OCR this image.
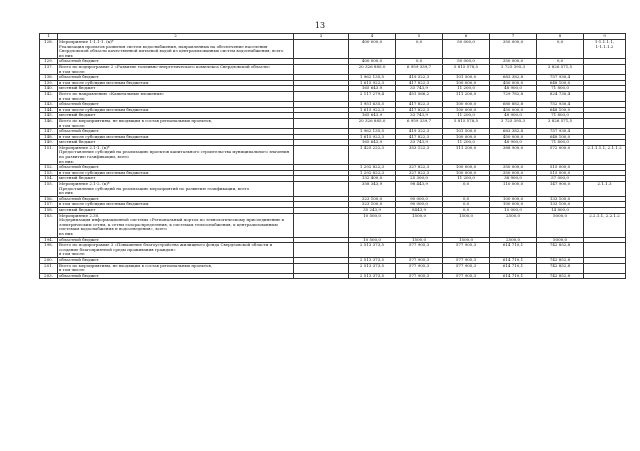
13
1	2	3	4	5	6	7	8	9
128.	Мероприятие 1-1.1-1. (к)*
Реализация проектов развития систем водоснабжения, направленных на обеспечение населения Свердловской области качественной питьевой водой из централизованных систем водоснабжения, всего
из них		400 000,0	0,0	50 000,0	350 000,0	0,0	1-1.1.1.1,
1-1.1.1.2
129.	областной бюджет		400 000,0	0,0	50 000,0	350 000,0	0,0	
137.	Всего по подпрограмме 2 «Развитие топливно-энергетического комплекса Свердловской области»
в том числе:		20 326 885,0	6 959 339,7	5 815 578,5	3 725 395,3	3 826 571,5	
138.	областной бюджет		1 962 135,5	419 322,3	101 500,0	683 382,8	757 930,4	
139.	в том числе субсидии местным бюджетам		1 615 922,3	417 822,3	100 000,0	450 000,0	648 100,0	
140.	местный бюджет		165 643,9	33 743,9	11 200,0	48 900,0	71 800,0	
142.	Всего по направлению «Капитальные вложения»
в том числе:		2 117 279,4	451 566,2	111 200,0	729 782,8	824 730,4	
143.	областной бюджет		1 951 635,5	417 822,3	100 000,0	680 882,8	752 930,4	
144.	в том числе субсидии местным бюджетам		1 615 922,3	417 822,3	100 000,0	450 000,0	648 100,0	
145.	местный бюджет		165 643,9	33 743,9	11 200,0	48 900,0	71 800,0	
146.	Всего по мероприятиям, не входящим в состав региональных проектов,
в том числе:		20 326 885,0	6 959 339,7	5 815 578,5	3 725 395,3	3 826 571,5	
147.	областной бюджет		1 962 135,5	419 322,3	101 500,0	683 382,8	757 930,4	
148.	в том числе субсидии местным бюджетам		1 615 922,3	417 822,3	100 000,0	450 000,0	648 100,0	
149.	местный бюджет		165 643,9	33 743,9	11 200,0	48 900,0	71 800,0	
151.	Мероприятие 2.1-1. (к)*
Предоставление субсидий на реализацию проектов капитального строительства муниципального значения по развитию газификации, всего
из них:		1 425 222,3	353 122,3	111 200,0	388 900,0	572 000,0	2.1.1.1.1, 2.1.1.2
152.	областной бюджет		1 292 822,3	327 822,3	100 000,0	350 000,0	515 000,0	
153.	в том числе субсидии местным бюджетам		1 292 822,3	327 822,3	100 000,0	350 000,0	515 000,0	
154.	местный бюджет		132 400,0	25 300,0	11 200,0	38 900,0	57 000,0	
155.	Мероприятие 2.1-2. (к)*
Предоставление субсидий на реализацию мероприятий по развитию газификации, всего
из них		358 343,9	98 443,9	0,0	110 000,0	147 900,0	2.1.1.3
156.	областной бюджет		323 100,0	90 000,0	0,0	100 000,0	133 100,0	
157.	в том числе субсидии местным бюджетам		323 100,0	90 000,0	0,0	100 000,0	133 100,0	
158.	местный бюджет		35 243,9	8443,9	0,0	10 000,0	14 800,0	
183.	Мероприятие 2.30.
Модернизация информационной системы «Региональный портал по технологическому присоединению к электрическим сетям, к сетям газораспределения, к системам теплоснабжения, к централизованным системам водоснабжения и водоотведения», всего
из них		10 500,0	1500,0	1500,0	2500,0	5000,0	2.2.1.1, 2.2.1.2
194.	областной бюджет		10 500,0	1500,0	1500,0	2500,0	5000,0	
198.	Всего по подпрограмме 3 «Повышение благоустройства жилищного фонда Свердловской области и создание благоприятной среды проживания граждан»
в том числе:		2 513 373,5	577 905,3	577 905,3	614 710,1	742 852,8	
200.	областной бюджет		2 513 373,5	577 905,3	577 905,3	614 710,1	742 852,8	
201.	Всего по мероприятиям, не входящим в состав региональных проектов,
в том числе:		2 513 373,5	577 905,3	577 905,3	614 710,1	742 852,8	
203.	областной бюджет		2 513 373,5	577 905,3	577 905,3	614 710,1	742 852,8	
